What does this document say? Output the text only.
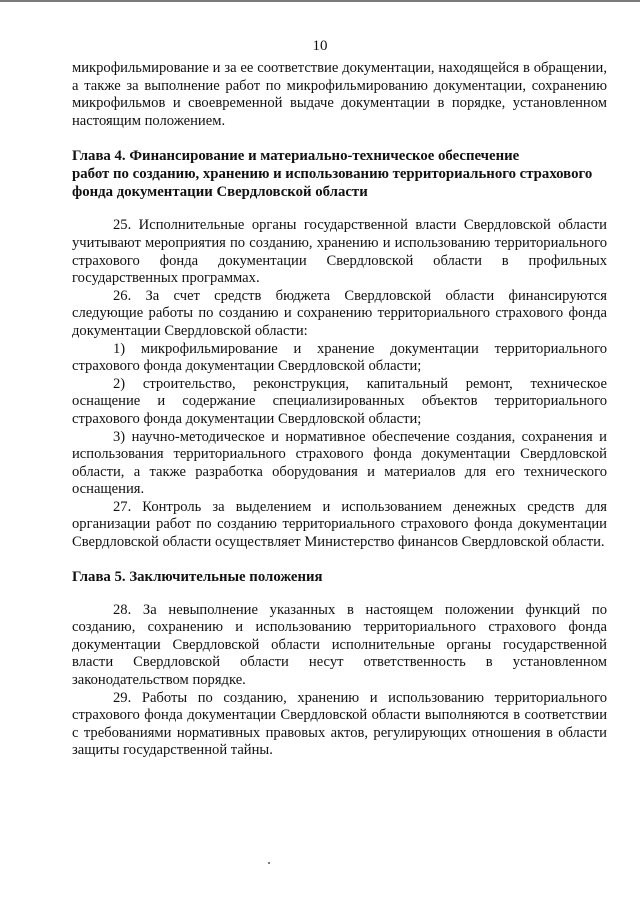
10

микрофильмирование и за ее соответствие документации, находящейся в обращении, а также за выполнение работ по микрофильмированию документации, сохранению микрофильмов и своевременной выдаче документации в порядке, установленном настоящим положением.

Глава 4. Финансирование и материально-техническое обеспечение

работ по созданию, хранению и использованию территориального страхового

фонда документации Свердловской области

25. Исполнительные органы государственной власти Свердловской области учитывают мероприятия по созданию, хранению и использованию территориального страхового фонда документации Свердловской области в профильных государственных программах.

26. За счет средств бюджета Свердловской области финансируются следующие работы по созданию и сохранению территориального страхового фонда документации Свердловской области:

1) микрофильмирование и хранение документации территориального страхового фонда документации Свердловской области;

2) строительство, реконструкция, капитальный ремонт, техническое оснащение и содержание специализированных объектов территориального страхового фонда документации Свердловской области;

3) научно-методическое и нормативное обеспечение создания, сохранения и использования территориального страхового фонда документации Свердловской области, а также разработка оборудования и материалов для его технического оснащения.

27. Контроль за выделением и использованием денежных средств для организации работ по созданию территориального страхового фонда документации Свердловской области осуществляет Министерство финансов Свердловской области.

Глава 5. Заключительные положения

28. За невыполнение указанных в настоящем положении функций по созданию, сохранению и использованию территориального страхового фонда документации Свердловской области исполнительные органы государственной власти Свердловской области несут ответственность в установленном законодательством порядке.

29. Работы по созданию, хранению и использованию территориального страхового фонда документации Свердловской области выполняются в соответствии с требованиями нормативных правовых актов, регулирующих отношения в области защиты государственной тайны.
